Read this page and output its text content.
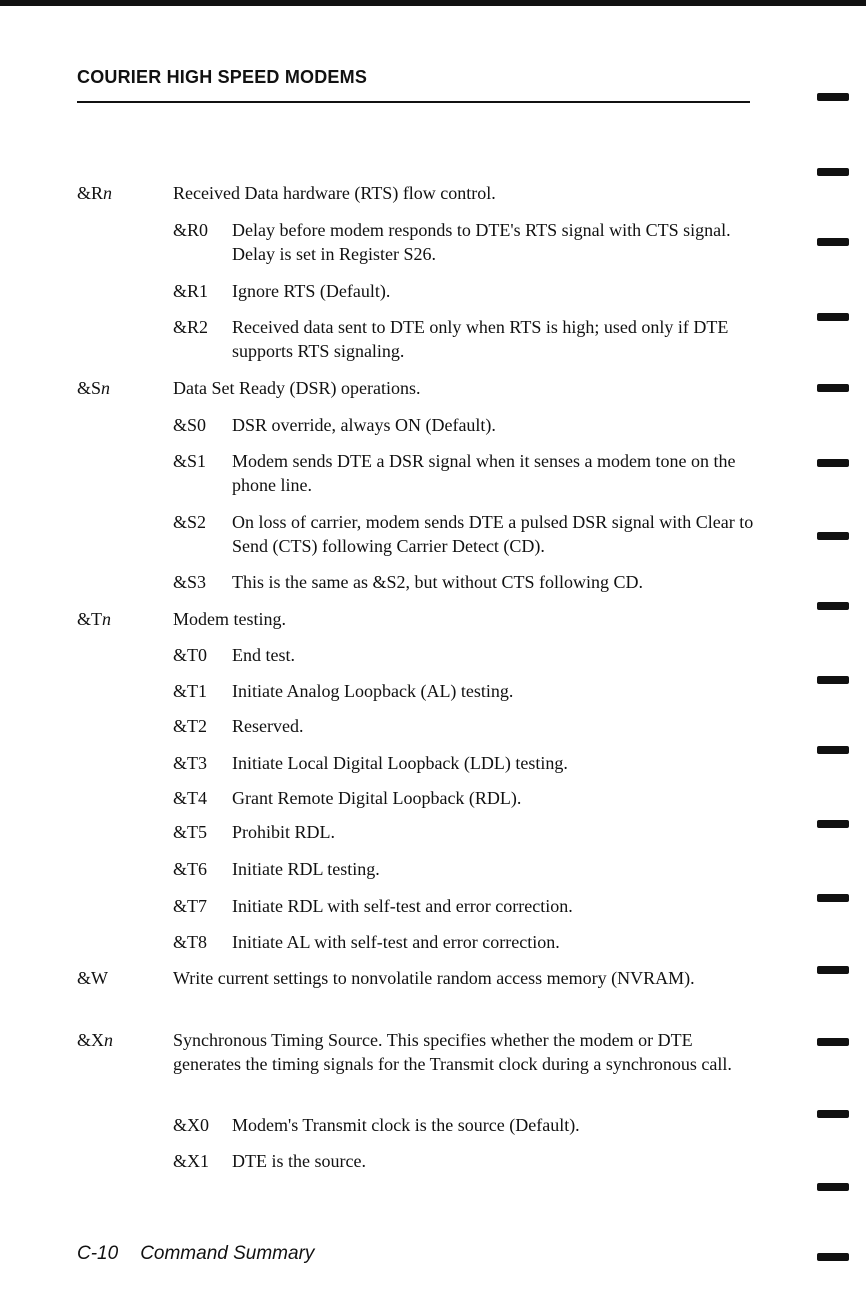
COURIER HIGH SPEED MODEMS
&Rn	Received Data hardware (RTS) flow control.
&R0	Delay before modem responds to DTE's RTS signal with CTS signal. Delay is set in Register S26.
&R1	Ignore RTS (Default).
&R2	Received data sent to DTE only when RTS is high; used only if DTE supports RTS signaling.
&Sn	Data Set Ready (DSR) operations.
&S0	DSR override, always ON (Default).
&S1	Modem sends DTE a DSR signal when it senses a modem tone on the phone line.
&S2	On loss of carrier, modem sends DTE a pulsed DSR signal with Clear to Send (CTS) following Carrier Detect (CD).
&S3	This is the same as &S2, but without CTS following CD.
&Tn	Modem testing.
&T0	End test.
&T1	Initiate Analog Loopback (AL) testing.
&T2	Reserved.
&T3	Initiate Local Digital Loopback (LDL) testing.
&T4	Grant Remote Digital Loopback (RDL).
&T5	Prohibit RDL.
&T6	Initiate RDL testing.
&T7	Initiate RDL with self-test and error correction.
&T8	Initiate AL with self-test and error correction.
&W	Write current settings to nonvolatile random access memory (NVRAM).
&Xn	Synchronous Timing Source. This specifies whether the modem or DTE generates the timing signals for the Transmit clock during a synchronous call.
&X0	Modem's Transmit clock is the source (Default).
&X1	DTE is the source.
C-10 Command Summary
